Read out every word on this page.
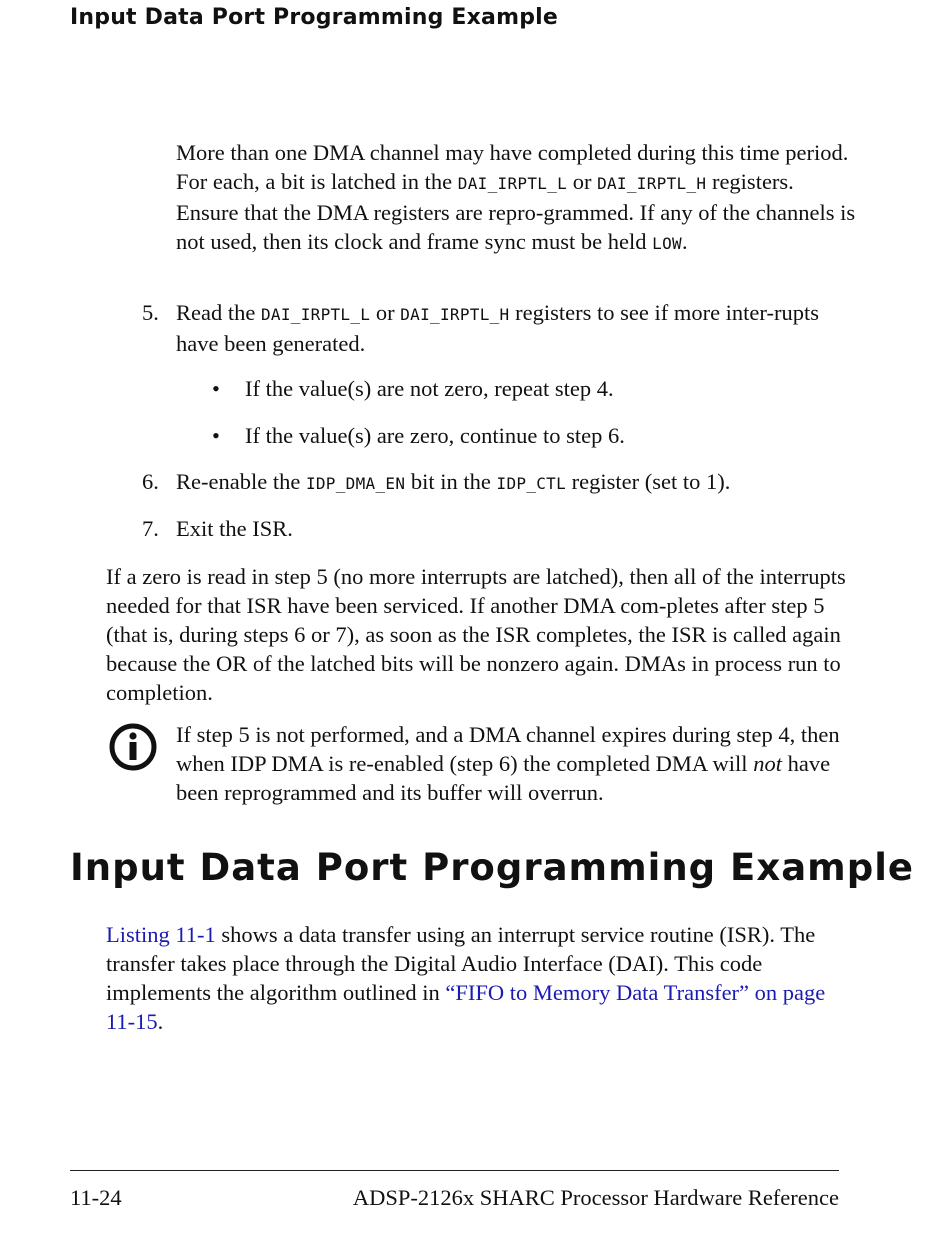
Input Data Port Programming Example

More than one DMA channel may have completed during this time period. For each, a bit is latched in the DAI_IRPTL_L or DAI_IRPTL_H registers. Ensure that the DMA registers are repro-grammed. If any of the channels is not used, then its clock and frame sync must be held LOW.

5. Read the DAI_IRPTL_L or DAI_IRPTL_H registers to see if more inter-rupts have been generated.

• If the value(s) are not zero, repeat step 4.

• If the value(s) are zero, continue to step 6.

6. Re-enable the IDP_DMA_EN bit in the IDP_CTL register (set to 1).

7. Exit the ISR.

If a zero is read in step 5 (no more interrupts are latched), then all of the interrupts needed for that ISR have been serviced. If another DMA com-pletes after step 5 (that is, during steps 6 or 7), as soon as the ISR completes, the ISR is called again because the OR of the latched bits will be nonzero again. DMAs in process run to completion.

If step 5 is not performed, and a DMA channel expires during step 4, then when IDP DMA is re-enabled (step 6) the completed DMA will not have been reprogrammed and its buffer will overrun.

Input Data Port Programming Example

Listing 11-1 shows a data transfer using an interrupt service routine (ISR). The transfer takes place through the Digital Audio Interface (DAI). This code implements the algorithm outlined in “FIFO to Memory Data Transfer” on page 11-15.

11-24	ADSP-2126x SHARC Processor Hardware Reference
